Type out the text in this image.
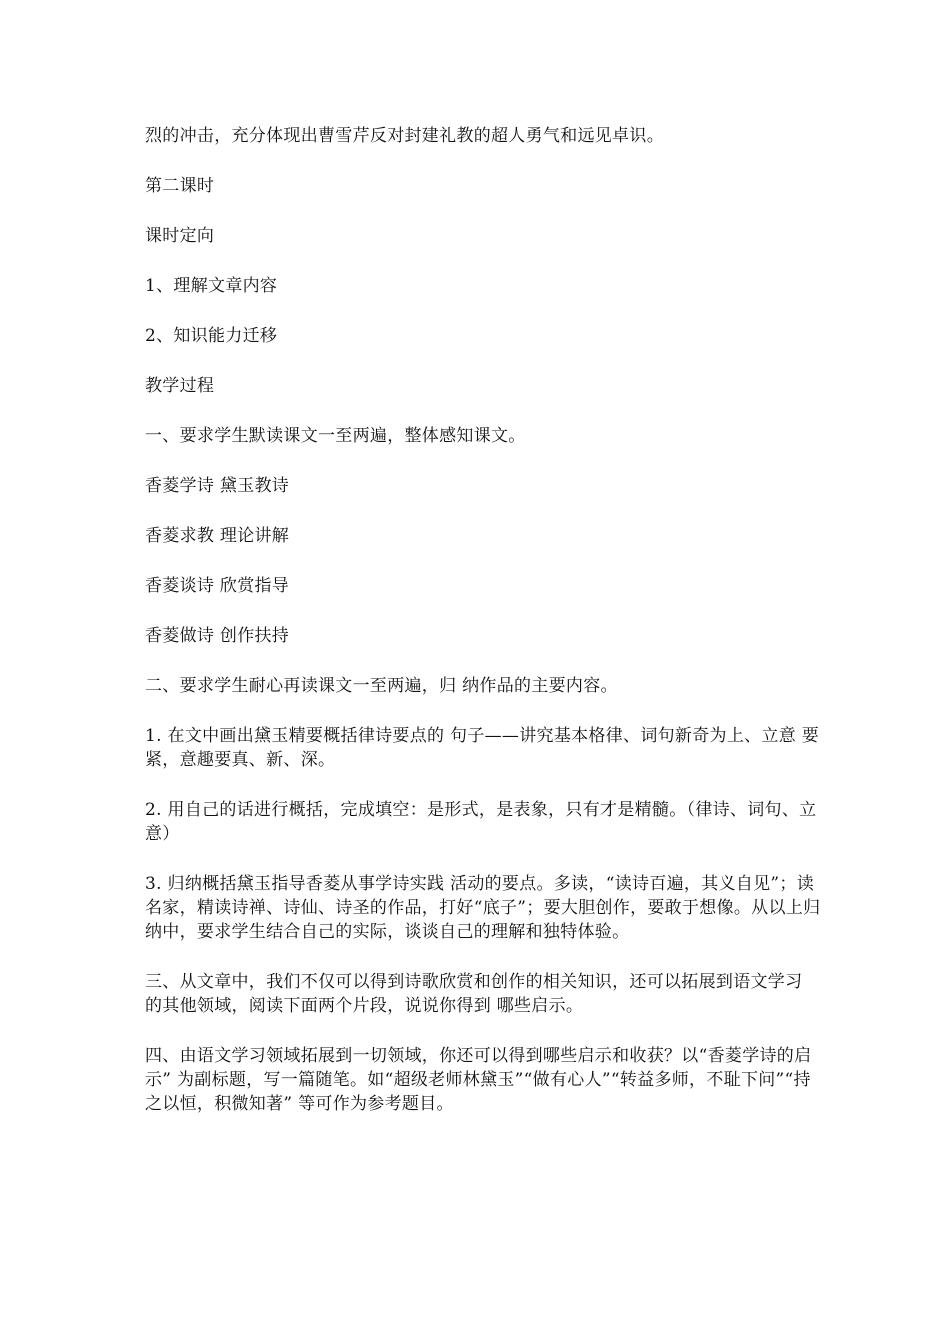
烈的冲击，充分体现出曹雪芹反对封建礼教的超人勇气和远见卓识。

第二课时

课时定向

1、理解文章内容

2、知识能力迁移

教学过程

一、要求学生默读课文一至两遍，整体感知课文。

香菱学诗 黛玉教诗

香菱求教 理论讲解

香菱谈诗 欣赏指导

香菱做诗 创作扶持

二、要求学生耐心再读课文一至两遍，归 纳作品的主要内容。

1. 在文中画出黛玉精要概括律诗要点的 句子——讲究基本格律、词句新奇为上、立意 要紧，意趣要真、新、深。

2. 用自己的话进行概括，完成填空：是形式，是表象，只有才是精髓。（律诗、词句、立意）

3. 归纳概括黛玉指导香菱从事学诗实践 活动的要点。多读，“读诗百遍，其义自见”；读名家，精读诗禅、诗仙、诗圣的作品，打好“底子”；要大胆创作，要敢于想像。从以上归纳中，要求学生结合自己的实际，谈谈自己的理解和独特体验。

三、从文章中，我们不仅可以得到诗歌欣赏和创作的相关知识，还可以拓展到语文学习 的其他领域，阅读下面两个片段，说说你得到 哪些启示。

四、由语文学习领域拓展到一切领域，你还可以得到哪些启示和收获？以“香菱学诗的启示” 为副标题，写一篇随笔。如“超级老师林黛玉”“做有心人”“转益多师，不耻下问”“持之以恒，积微知著” 等可作为参考题目。
